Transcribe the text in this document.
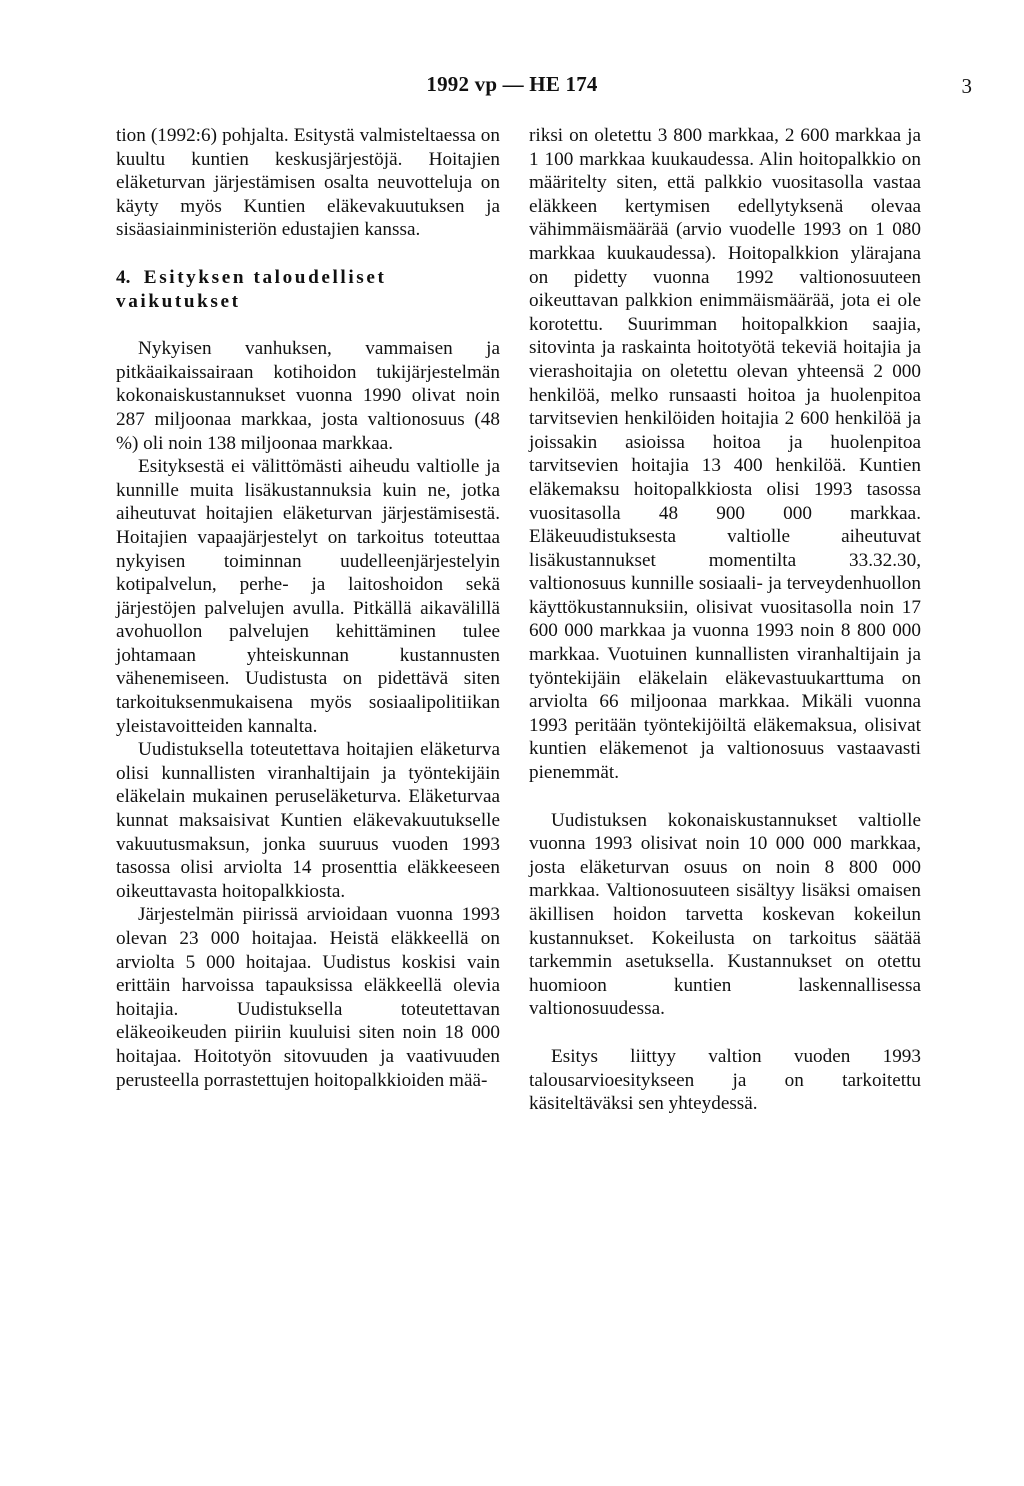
1992 vp — HE 174	3

tion (1992:6) pohjalta. Esitystä valmisteltaessa on kuultu kuntien keskusjärjestöjä. Hoitajien eläketurvan järjestämisen osalta neuvotteluja on käyty myös Kuntien eläkevakuutuksen ja sisäasiainministeriön edustajien kanssa.

4. Esityksen taloudelliset vaikutukset

Nykyisen vanhuksen, vammaisen ja pitkäaikaissairaan kotihoidon tukijärjestelmän kokonaiskustannukset vuonna 1990 olivat noin 287 miljoonaa markkaa, josta valtionosuus (48 %) oli noin 138 miljoonaa markkaa.

Esityksestä ei välittömästi aiheudu valtiolle ja kunnille muita lisäkustannuksia kuin ne, jotka aiheutuvat hoitajien eläketurvan järjestämisestä. Hoitajien vapaajärjestelyt on tarkoitus toteuttaa nykyisen toiminnan uudelleenjärjestelyin kotipalvelun, perhe- ja laitoshoidon sekä järjestöjen palvelujen avulla. Pitkällä aikavälillä avohuollon palvelujen kehittäminen tulee johtamaan yhteiskunnan kustannusten vähenemiseen. Uudistusta on pidettävä siten tarkoituksenmukaisena myös sosiaalipolitiikan yleistavoitteiden kannalta.

Uudistuksella toteutettava hoitajien eläketurva olisi kunnallisten viranhaltijain ja työntekijäin eläkelain mukainen peruseläketurva. Eläketurvaa kunnat maksaisivat Kuntien eläkevakuutukselle vakuutusmaksun, jonka suuruus vuoden 1993 tasossa olisi arviolta 14 prosenttia eläkkeeseen oikeuttavasta hoitopalkkiosta.

Järjestelmän piirissä arvioidaan vuonna 1993 olevan 23 000 hoitajaa. Heistä eläkkeellä on arviolta 5 000 hoitajaa. Uudistus koskisi vain erittäin harvoissa tapauksissa eläkkeellä olevia hoitajia. Uudistuksella toteutettavan eläkeoikeuden piiriin kuuluisi siten noin 18 000 hoitajaa. Hoitotyön sitovuuden ja vaativuuden perusteella porrastettujen hoitopalkkioiden mää-

riksi on oletettu 3 800 markkaa, 2 600 markkaa ja 1 100 markkaa kuukaudessa. Alin hoitopalkkio on määritelty siten, että palkkio vuositasolla vastaa eläkkeen kertymisen edellytyksenä olevaa vähimmäismäärää (arvio vuodelle 1993 on 1 080 markkaa kuukaudessa). Hoitopalkkion ylärajana on pidetty vuonna 1992 valtionosuuteen oikeuttavan palkkion enimmäismäärää, jota ei ole korotettu. Suurimman hoitopalkkion saajia, sitovinta ja raskainta hoitotyötä tekeviä hoitajia ja vierashoitajia on oletettu olevan yhteensä 2 000 henkilöä, melko runsaasti hoitoa ja huolenpitoa tarvitsevien henkilöiden hoitajia 2 600 henkilöä ja joissakin asioissa hoitoa ja huolenpitoa tarvitsevien hoitajia 13 400 henkilöä. Kuntien eläkemaksu hoitopalkkiosta olisi 1993 tasossa vuositasolla 48 900 000 markkaa. Eläkeuudistuksesta valtiolle aiheutuvat lisäkustannukset momentilta 33.32.30, valtionosuus kunnille sosiaali- ja terveydenhuollon käyttökustannuksiin, olisivat vuositasolla noin 17 600 000 markkaa ja vuonna 1993 noin 8 800 000 markkaa. Vuotuinen kunnallisten viranhaltijain ja työntekijäin eläkelain eläkevastuukarttuma on arviolta 66 miljoonaa markkaa. Mikäli vuonna 1993 peritään työntekijöiltä eläkemaksua, olisivat kuntien eläkemenot ja valtionosuus vastaavasti pienemmät.

Uudistuksen kokonaiskustannukset valtiolle vuonna 1993 olisivat noin 10 000 000 markkaa, josta eläketurvan osuus on noin 8 800 000 markkaa. Valtionosuuteen sisältyy lisäksi omaisen äkillisen hoidon tarvetta koskevan kokeilun kustannukset. Kokeilusta on tarkoitus säätää tarkemmin asetuksella. Kustannukset on otettu huomioon kuntien laskennallisessa valtionosuudessa.

Esitys liittyy valtion vuoden 1993 talousarvioesitykseen ja on tarkoitettu käsiteltäväksi sen yhteydessä.
